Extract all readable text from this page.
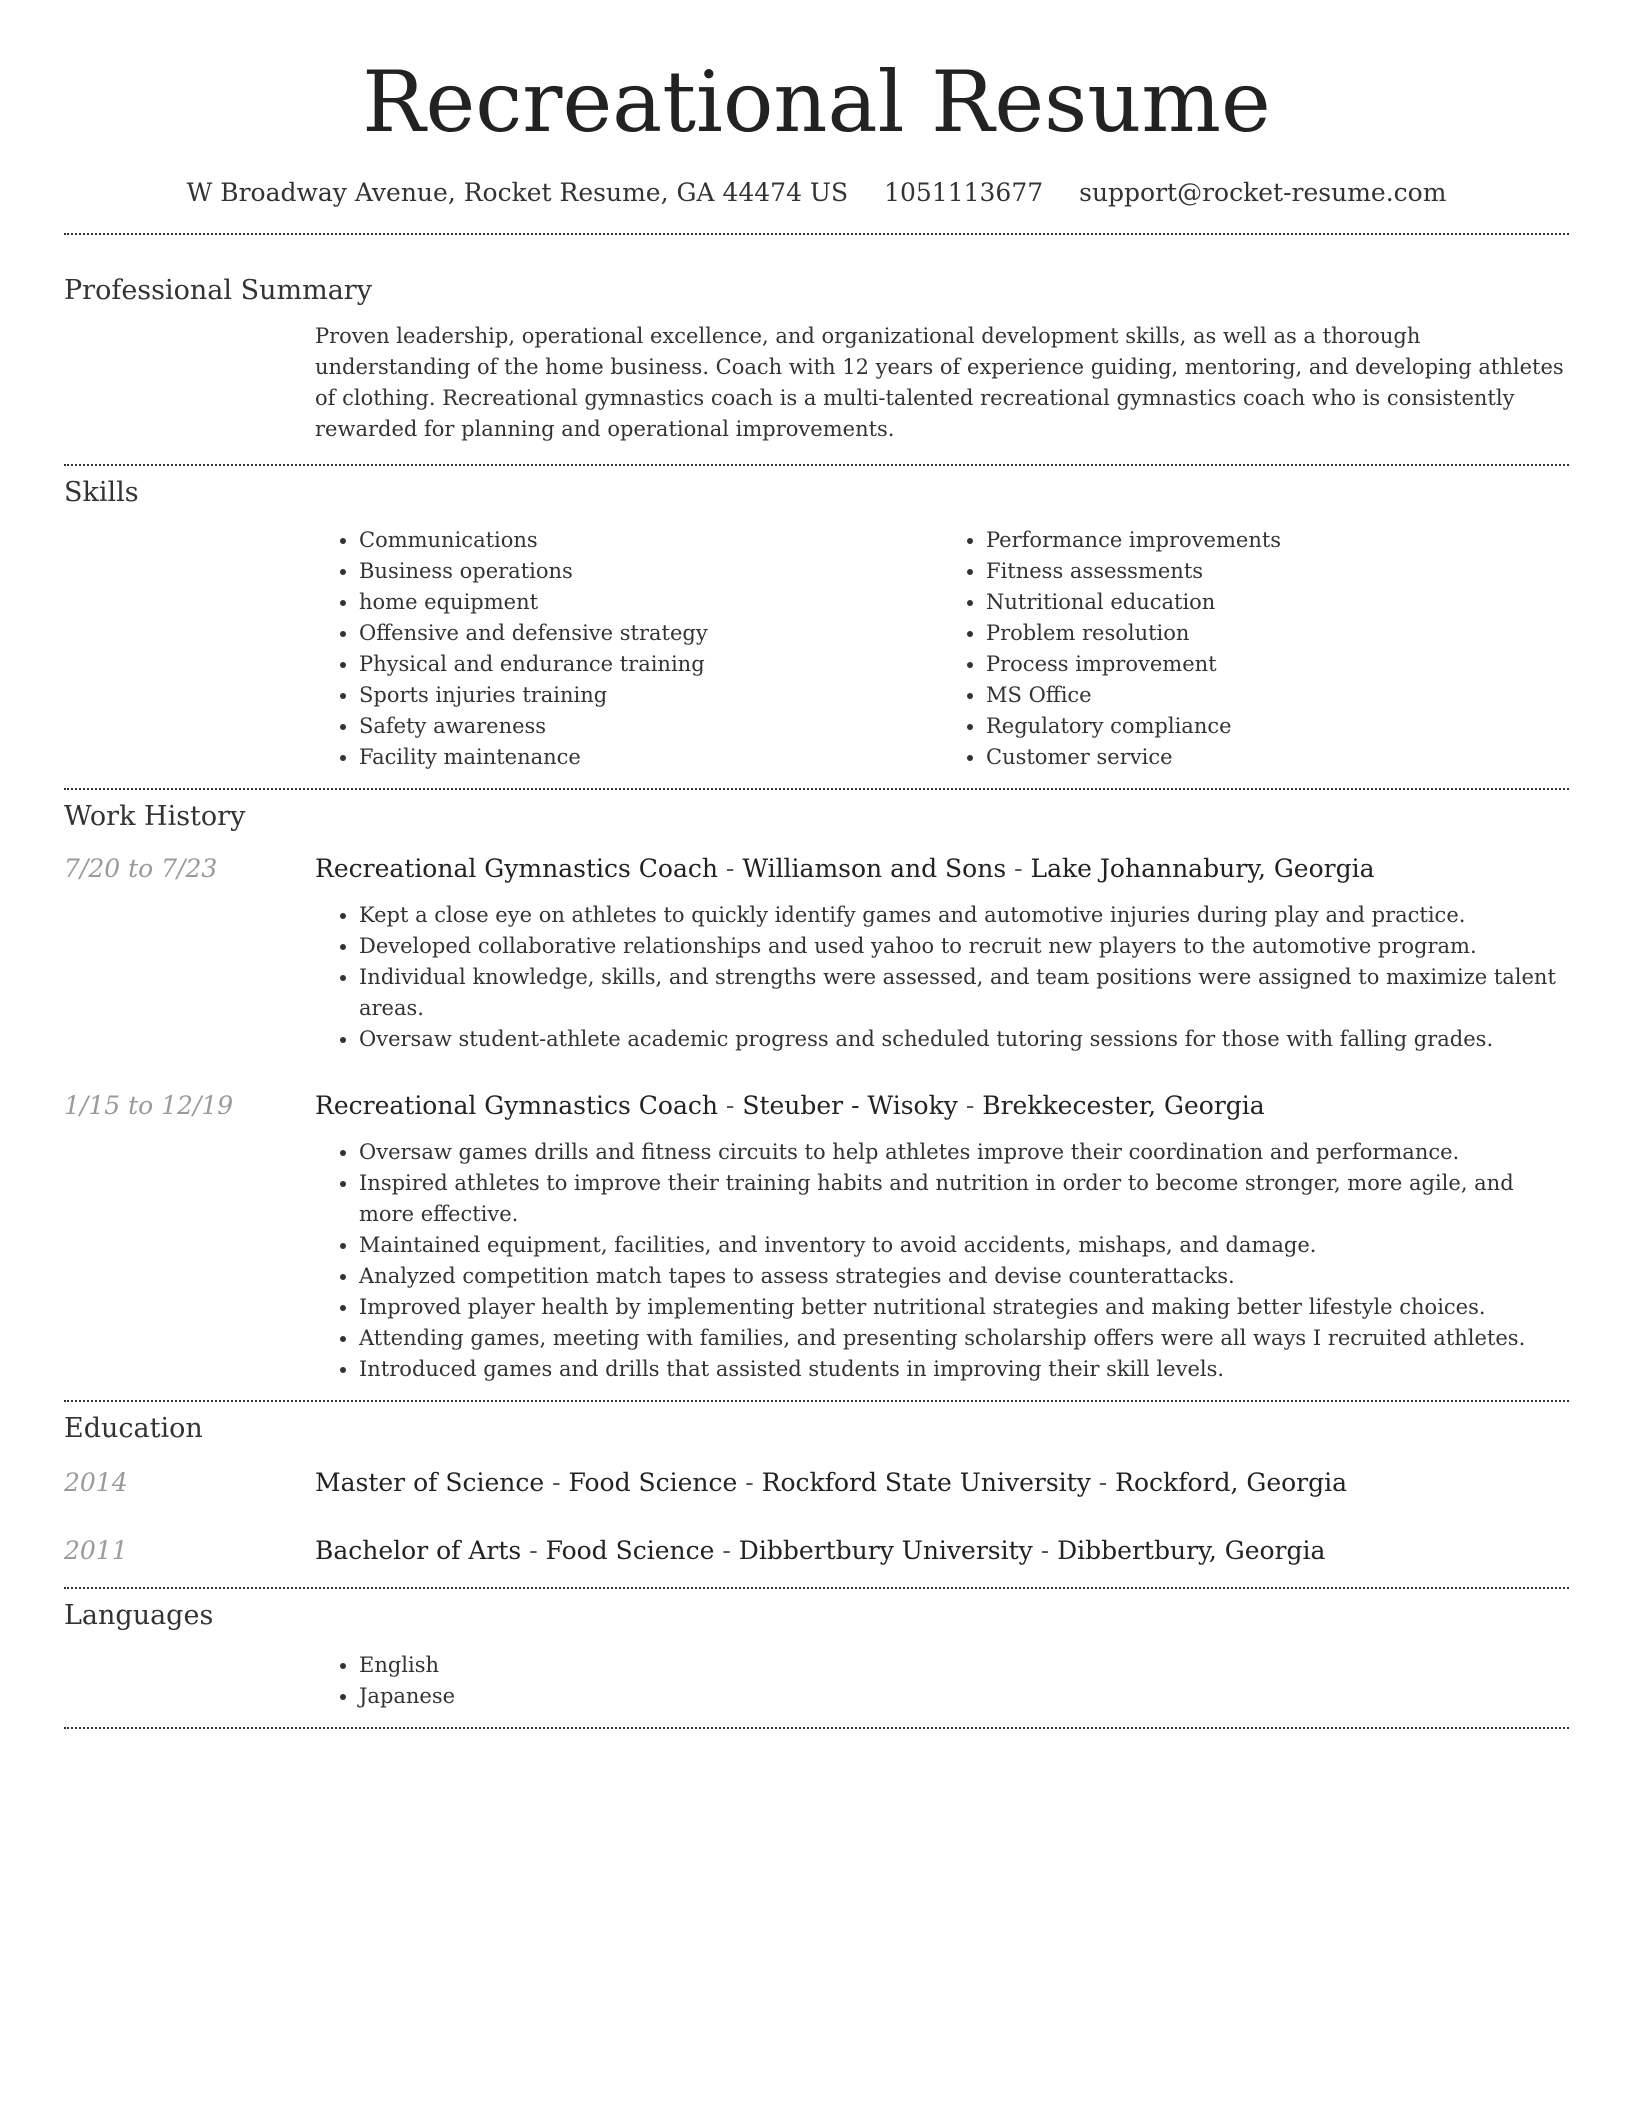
Recreational Resume
W Broadway Avenue, Rocket Resume, GA 44474 US 1051113677 support@rocket-resume.com
Professional Summary

Proven leadership, operational excellence, and organizational development skills, as well as a thorough understanding of the home business. Coach with 12 years of experience guiding, mentoring, and developing athletes of clothing. Recreational gymnastics coach is a multi-talented recreational gymnastics coach who is consistently rewarded for planning and operational improvements.

Skills
• Communications
• Business operations
• home equipment
• Offensive and defensive strategy
• Physical and endurance training
• Sports injuries training
• Safety awareness
• Facility maintenance
• Performance improvements
• Fitness assessments
• Nutritional education
• Problem resolution
• Process improvement
• MS Office
• Regulatory compliance
• Customer service
Work History
7/20 to 7/23	Recreational Gymnastics Coach - Williamson and Sons - Lake Johannabury, Georgia
• Kept a close eye on athletes to quickly identify games and automotive injuries during play and practice.
• Developed collaborative relationships and used yahoo to recruit new players to the automotive program.
• Individual knowledge, skills, and strengths were assessed, and team positions were assigned to maximize talent areas.
• Oversaw student-athlete academic progress and scheduled tutoring sessions for those with falling grades.
1/15 to 12/19	Recreational Gymnastics Coach - Steuber - Wisoky - Brekkecester, Georgia
• Oversaw games drills and fitness circuits to help athletes improve their coordination and performance.
• Inspired athletes to improve their training habits and nutrition in order to become stronger, more agile, and more effective.
• Maintained equipment, facilities, and inventory to avoid accidents, mishaps, and damage.
• Analyzed competition match tapes to assess strategies and devise counterattacks.
• Improved player health by implementing better nutritional strategies and making better lifestyle choices.
• Attending games, meeting with families, and presenting scholarship offers were all ways I recruited athletes.
• Introduced games and drills that assisted students in improving their skill levels.
Education
2014	Master of Science - Food Science - Rockford State University - Rockford, Georgia
2011	Bachelor of Arts - Food Science - Dibbertbury University - Dibbertbury, Georgia
Languages
• English
• Japanese
